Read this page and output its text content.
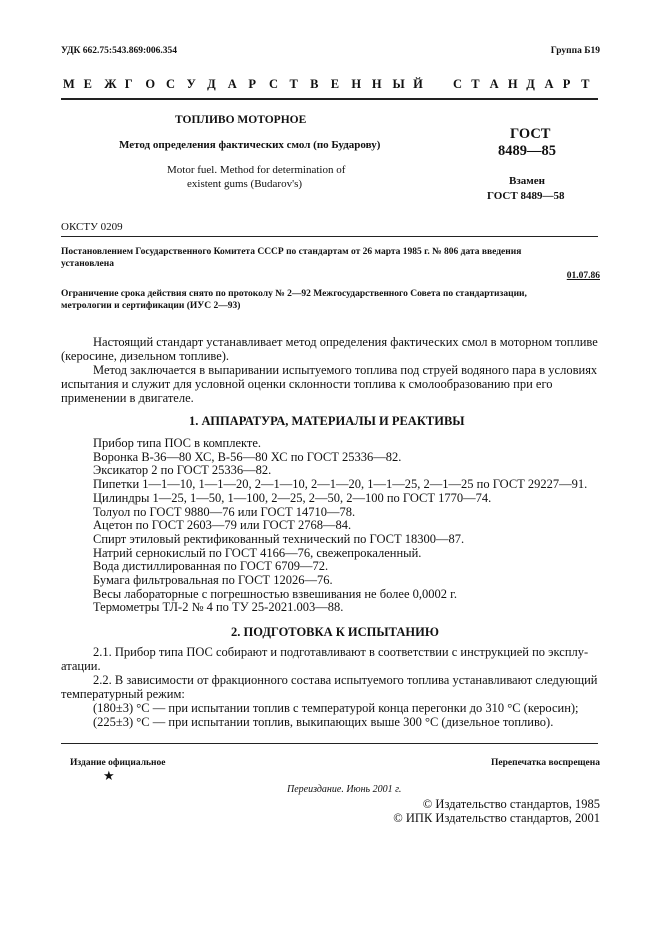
УДК 662.75:543.869:006.354	Группа Б19
М Е Ж Г О С У Д А Р С Т В Е Н Н Ы Й	С Т А Н Д А Р Т
ТОПЛИВО МОТОРНОЕ
Метод определения фактических смол (по Бударову)
Motor fuel. Method for determination of
existent gums (Budarov's)
ГОСТ
8489—85
Взамен
ГОСТ 8489—58
ОКСТУ 0209
Постановлением Государственного Комитета СССР по стандартам от 26 марта 1985 г. № 806 дата введения
установлена
01.07.86
Ограничение срока действия снято по протоколу № 2—92 Межгосударственного Совета по стандартизации,
метрологии и сертификации (ИУС 2—93)
Настоящий стандарт устанавливает метод определения фактических смол в моторном топливе
(керосине, дизельном топливе).
Метод заключается в выпаривании испытуемого топлива под струей водяного пара в условиях
испытания и служит для условной оценки склонности топлива к смолообразованию при его
применении в двигателе.
1. АППАРАТУРА, МАТЕРИАЛЫ И РЕАКТИВЫ
Прибор типа ПОС в комплекте.
Воронка В-36—80 ХС, В-56—80 ХС по ГОСТ 25336—82.
Эксикатор 2 по ГОСТ 25336—82.
Пипетки 1—1—10, 1—1—20, 2—1—10, 2—1—20, 1—1—25, 2—1—25 по ГОСТ 29227—91.
Цилиндры 1—25, 1—50, 1—100, 2—25, 2—50, 2—100 по ГОСТ 1770—74.
Толуол по ГОСТ 9880—76 или ГОСТ 14710—78.
Ацетон по ГОСТ 2603—79 или ГОСТ 2768—84.
Спирт этиловый ректификованный технический по ГОСТ 18300—87.
Натрий сернокислый по ГОСТ 4166—76, свежепрокаленный.
Вода дистиллированная по ГОСТ 6709—72.
Бумага фильтровальная по ГОСТ 12026—76.
Весы лабораторные с погрешностью взвешивания не более 0,0002 г.
Термометры ТЛ-2 № 4 по ТУ 25-2021.003—88.
2. ПОДГОТОВКА К ИСПЫТАНИЮ
2.1. Прибор типа ПОС собирают и подготавливают в соответствии с инструкцией по эксплу-
атации.
2.2. В зависимости от фракционного состава испытуемого топлива устанавливают следующий
температурный режим:
(180±3) °С — при испытании топлив с температурой конца перегонки до 310 °С (керосин);
(225±3) °С — при испытании топлив, выкипающих выше 300 °С (дизельное топливо).
Издание официальное
★
Перепечатка воспрещена
Переиздание. Июнь 2001 г.
© Издательство стандартов, 1985
© ИПК Издательство стандартов, 2001
